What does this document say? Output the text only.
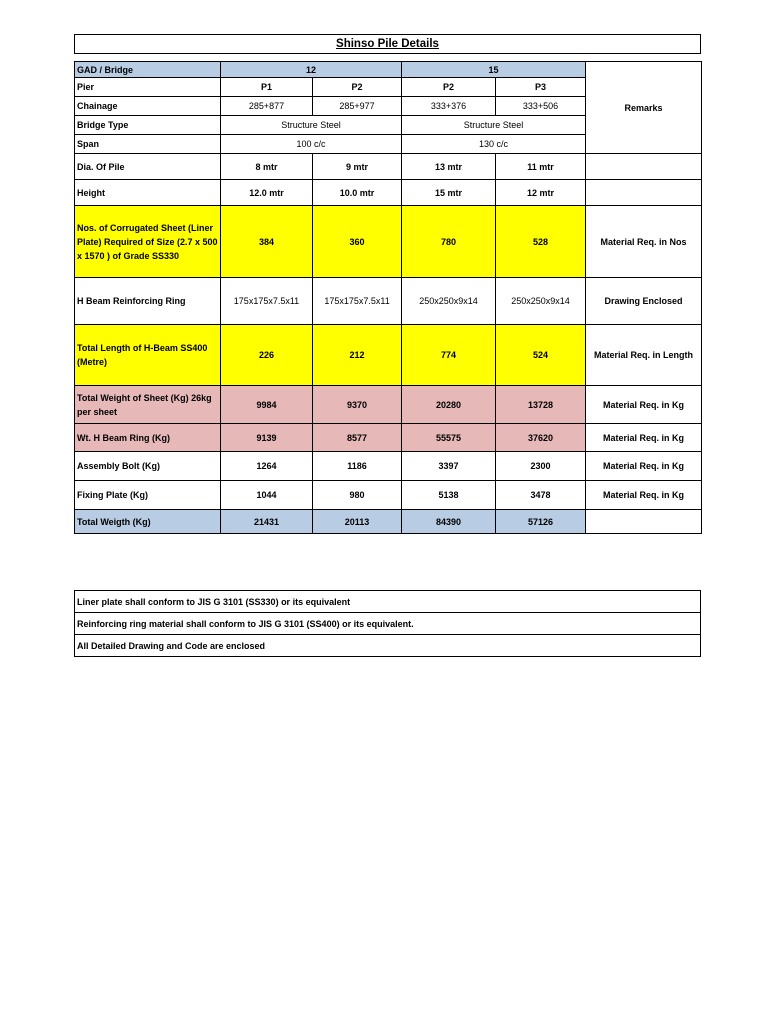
Shinso Pile Details
GAD / Bridge	12		15		Remarks
Pier	P1	P2	P2	P3	
Chainage	285+877	285+977	333+376	333+506	
Bridge Type	Structure Steel		Structure Steel		
Span	100 c/c		130 c/c		
Dia. Of Pile	8 mtr	9 mtr	13 mtr	11 mtr	
Height	12.0 mtr	10.0 mtr	15 mtr	12 mtr	
Nos. of Corrugated Sheet (Liner Plate) Required of Size (2.7 x 500 x 1570 ) of Grade SS330	384	360	780	528	Material Req. in Nos
H Beam Reinforcing Ring	175x175x7.5x11	175x175x7.5x11	250x250x9x14	250x250x9x14	Drawing Enclosed
Total Length of H-Beam SS400 (Metre)	226	212	774	524	Material Req. in Length
Total Weight of Sheet (Kg) 26kg per sheet	9984	9370	20280	13728	Material Req. in Kg
Wt. H Beam Ring (Kg)	9139	8577	55575	37620	Material Req. in Kg
Assembly Bolt (Kg)	1264	1186	3397	2300	Material Req. in Kg
Fixing Plate (Kg)	1044	980	5138	3478	Material Req. in Kg
Total Weigth (Kg)	21431	20113	84390	57126	
Liner plate shall conform to JIS G 3101 (SS330) or its equivalent
Reinforcing ring material shall conform to JIS G 3101 (SS400) or its equivalent.
All Detailed Drawing and Code are enclosed
